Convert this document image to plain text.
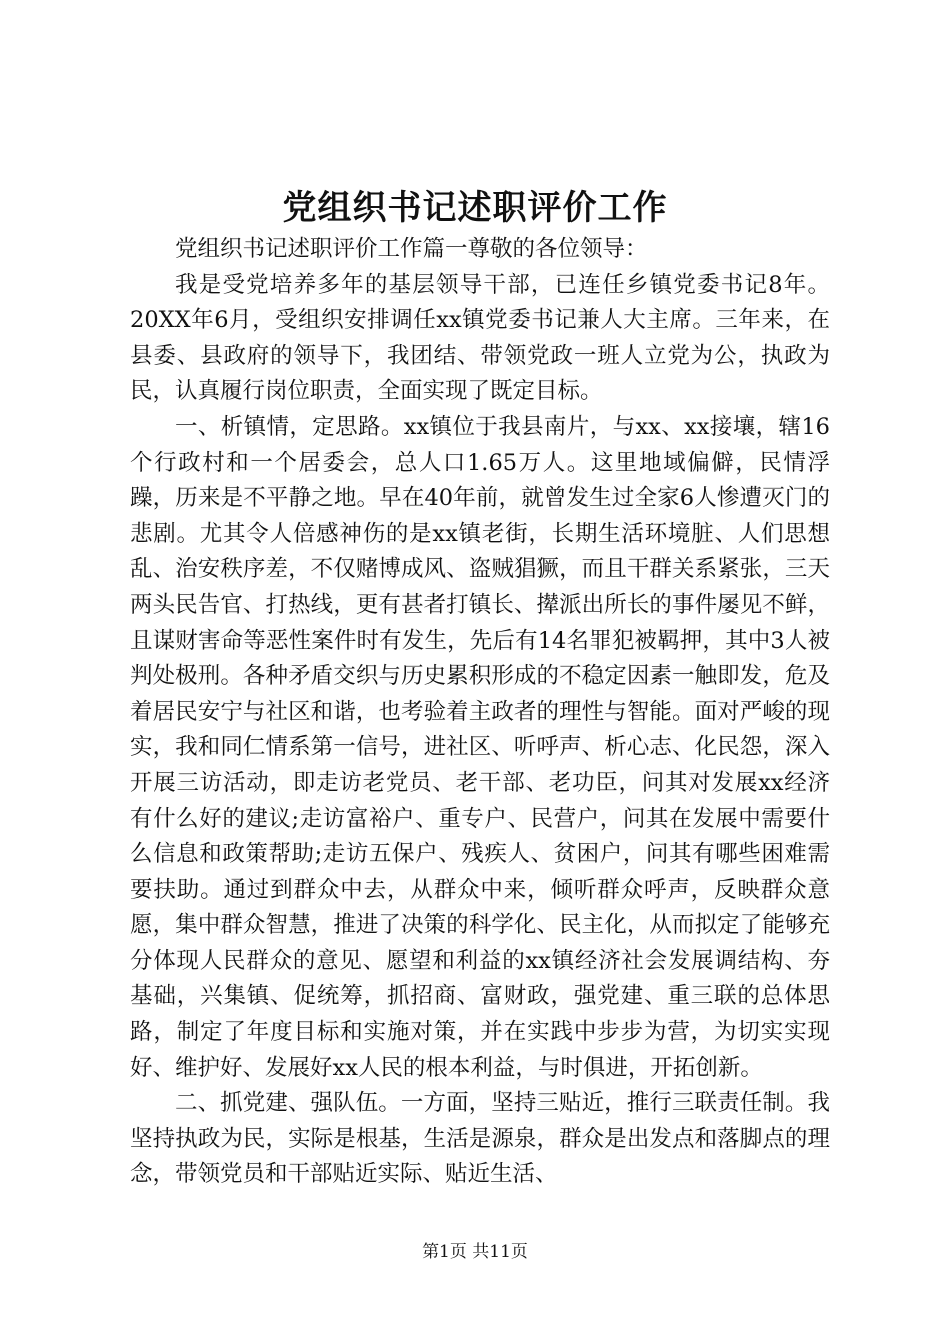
党组织书记述职评价工作

党组织书记述职评价工作篇一尊敬的各位领导：

我是受党培养多年的基层领导干部，已连任乡镇党委书记8年。20XX年6月，受组织安排调任xx镇党委书记兼人大主席。三年来，在县委、县政府的领导下，我团结、带领党政一班人立党为公，执政为民，认真履行岗位职责，全面实现了既定目标。

一、析镇情，定思路。xx镇位于我县南片，与xx、xx接壤，辖16个行政村和一个居委会，总人口1.65万人。这里地域偏僻，民情浮躁，历来是不平静之地。早在40年前，就曾发生过全家6人惨遭灭门的悲剧。尤其令人倍感神伤的是xx镇老街，长期生活环境脏、人们思想乱、治安秩序差，不仅赌博成风、盗贼猖獗，而且干群关系紧张，三天两头民告官、打热线，更有甚者打镇长、撵派出所长的事件屡见不鲜，且谋财害命等恶性案件时有发生，先后有14名罪犯被羁押，其中3人被判处极刑。各种矛盾交织与历史累积形成的不稳定因素一触即发，危及着居民安宁与社区和谐，也考验着主政者的理性与智能。面对严峻的现实，我和同仁情系第一信号，进社区、听呼声、析心志、化民怨，深入开展三访活动，即走访老党员、老干部、老功臣，问其对发展xx经济有什么好的建议;走访富裕户、重专户、民营户，问其在发展中需要什么信息和政策帮助;走访五保户、残疾人、贫困户，问其有哪些困难需要扶助。通过到群众中去，从群众中来，倾听群众呼声，反映群众意愿，集中群众智慧，推进了决策的科学化、民主化，从而拟定了能够充分体现人民群众的意见、愿望和利益的xx镇经济社会发展调结构、夯基础，兴集镇、促统筹，抓招商、富财政，强党建、重三联的总体思路，制定了年度目标和实施对策，并在实践中步步为营，为切实实现好、维护好、发展好xx人民的根本利益，与时俱进，开拓创新。

二、抓党建、强队伍。一方面，坚持三贴近，推行三联责任制。我坚持执政为民，实际是根基，生活是源泉，群众是出发点和落脚点的理念，带领党员和干部贴近实际、贴近生活、

第1页 共11页
